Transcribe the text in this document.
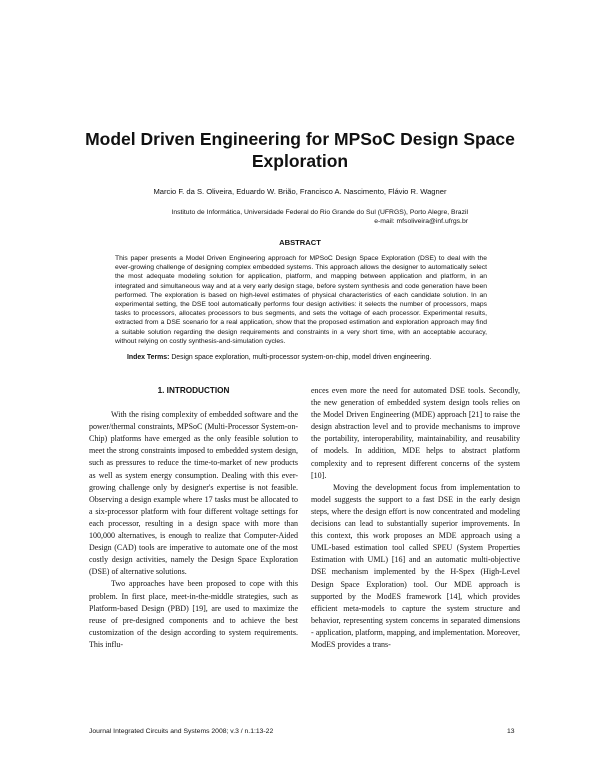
Model Driven Engineering for MPSoC Design Space Exploration
Marcio F. da S. Oliveira, Eduardo W. Brião, Francisco A. Nascimento, Flávio R. Wagner
Instituto de Informática, Universidade Federal do Rio Grande do Sul (UFRGS), Porto Alegre, Brazil
e-mail: mfsoliveira@inf.ufrgs.br
ABSTRACT
This paper presents a Model Driven Engineering approach for MPSoC Design Space Exploration (DSE) to deal with the ever-growing challenge of designing complex embedded systems. This approach allows the designer to automatically select the most adequate modeling solution for application, platform, and mapping between application and platform, in an integrated and simultaneous way and at a very early design stage, before system synthesis and code generation have been performed. The exploration is based on high-level estimates of physical characteristics of each candidate solution. In an experimental setting, the DSE tool automatically performs four design activities: it selects the number of processors, maps tasks to processors, allocates processors to bus segments, and sets the voltage of each processor. Experimental results, extracted from a DSE scenario for a real application, show that the proposed estimation and exploration approach may find a suitable solution regarding the design requirements and constraints in a very short time, with an acceptable accuracy, without relying on costly synthesis-and-simulation cycles.
Index Terms: Design space exploration, multi-processor system-on-chip, model driven engineering.
1. INTRODUCTION

With the rising complexity of embedded software and the power/thermal constraints, MPSoC (Multi-Processor System-on-Chip) platforms have emerged as the only feasible solution to meet the strong constraints imposed to embedded system design, such as pressures to reduce the time-to-market of new products as well as system energy consumption. Dealing with this ever-growing challenge only by designer's expertise is not feasible. Observing a design example where 17 tasks must be allocated to a six-processor platform with four different voltage settings for each processor, resulting in a design space with more than 100,000 alternatives, is enough to realize that Computer-Aided Design (CAD) tools are imperative to automate one of the most costly design activities, namely the Design Space Exploration (DSE) of alternative solutions.

Two approaches have been proposed to cope with this problem. In first place, meet-in-the-middle strategies, such as Platform-based Design (PBD) [19], are used to maximize the reuse of pre-designed components and to achieve the best customization of the design according to system requirements. This influ-

ences even more the need for automated DSE tools. Secondly, the new generation of embedded system design tools relies on the Model Driven Engineering (MDE) approach [21] to raise the design abstraction level and to provide mechanisms to improve the portability, interoperability, maintainability, and reusability of models. In addition, MDE helps to abstract platform complexity and to represent different concerns of the system [10].

Moving the development focus from implementation to model suggests the support to a fast DSE in the early design steps, where the design effort is now concentrated and modeling decisions can lead to substantially superior improvements. In this context, this work proposes an MDE approach using a UML-based estimation tool called SPEU (System Properties Estimation with UML) [16] and an automatic multi-objective DSE mechanism implemented by the H-Spex (High-Level Design Space Exploration) tool. Our MDE approach is supported by the ModES framework [14], which provides efficient meta-models to capture the system structure and behavior, representing system concerns in separated dimensions - application, platform, mapping, and implementation. Moreover, ModES provides a trans-

Journal Integrated Circuits and Systems 2008; v.3 / n.1:13-22	13
